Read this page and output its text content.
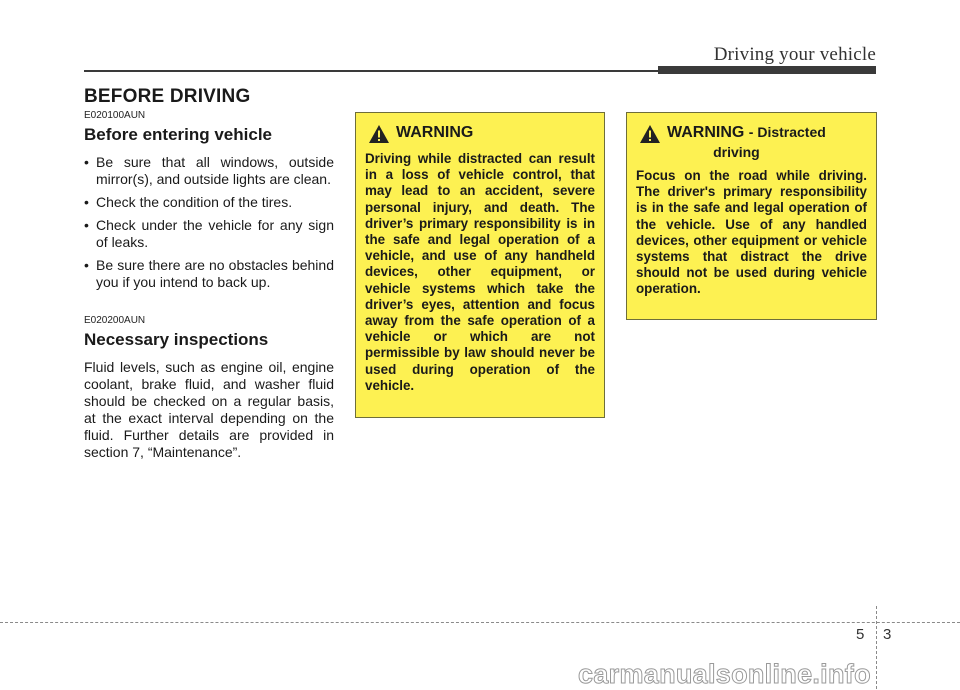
Driving your vehicle
BEFORE DRIVING

E020100AUN

Before entering vehicle
• Be sure that all windows, outside mirror(s), and outside lights are clean.
• Check the condition of the tires.
• Check under the vehicle for any sign of leaks.
• Be sure there are no obstacles behind you if you intend to back up.

E020200AUN

Necessary inspections

Fluid levels, such as engine oil, engine coolant, brake fluid, and washer fluid should be checked on a regular basis, at the exact interval depending on the fluid. Further details are provided in section 7, “Maintenance”.

WARNING

Driving while distracted can result in a loss of vehicle control, that may lead to an accident, severe personal injury, and death. The driver’s primary responsibility is in the safe and legal operation of a vehicle, and use of any handheld devices, other equipment, or vehicle systems which take the driver’s eyes, attention and focus away from the safe operation of a vehicle or which are not permissible by law should never be used during operation of the vehicle.

WARNING - Distracted
driving

Focus on the road while driving. The driver's primary responsibility is in the safe and legal operation of the vehicle. Use of any handled devices, other equipment or vehicle systems that distract the drive should not be used during vehicle operation.

5 3
carmanualsonline.info
